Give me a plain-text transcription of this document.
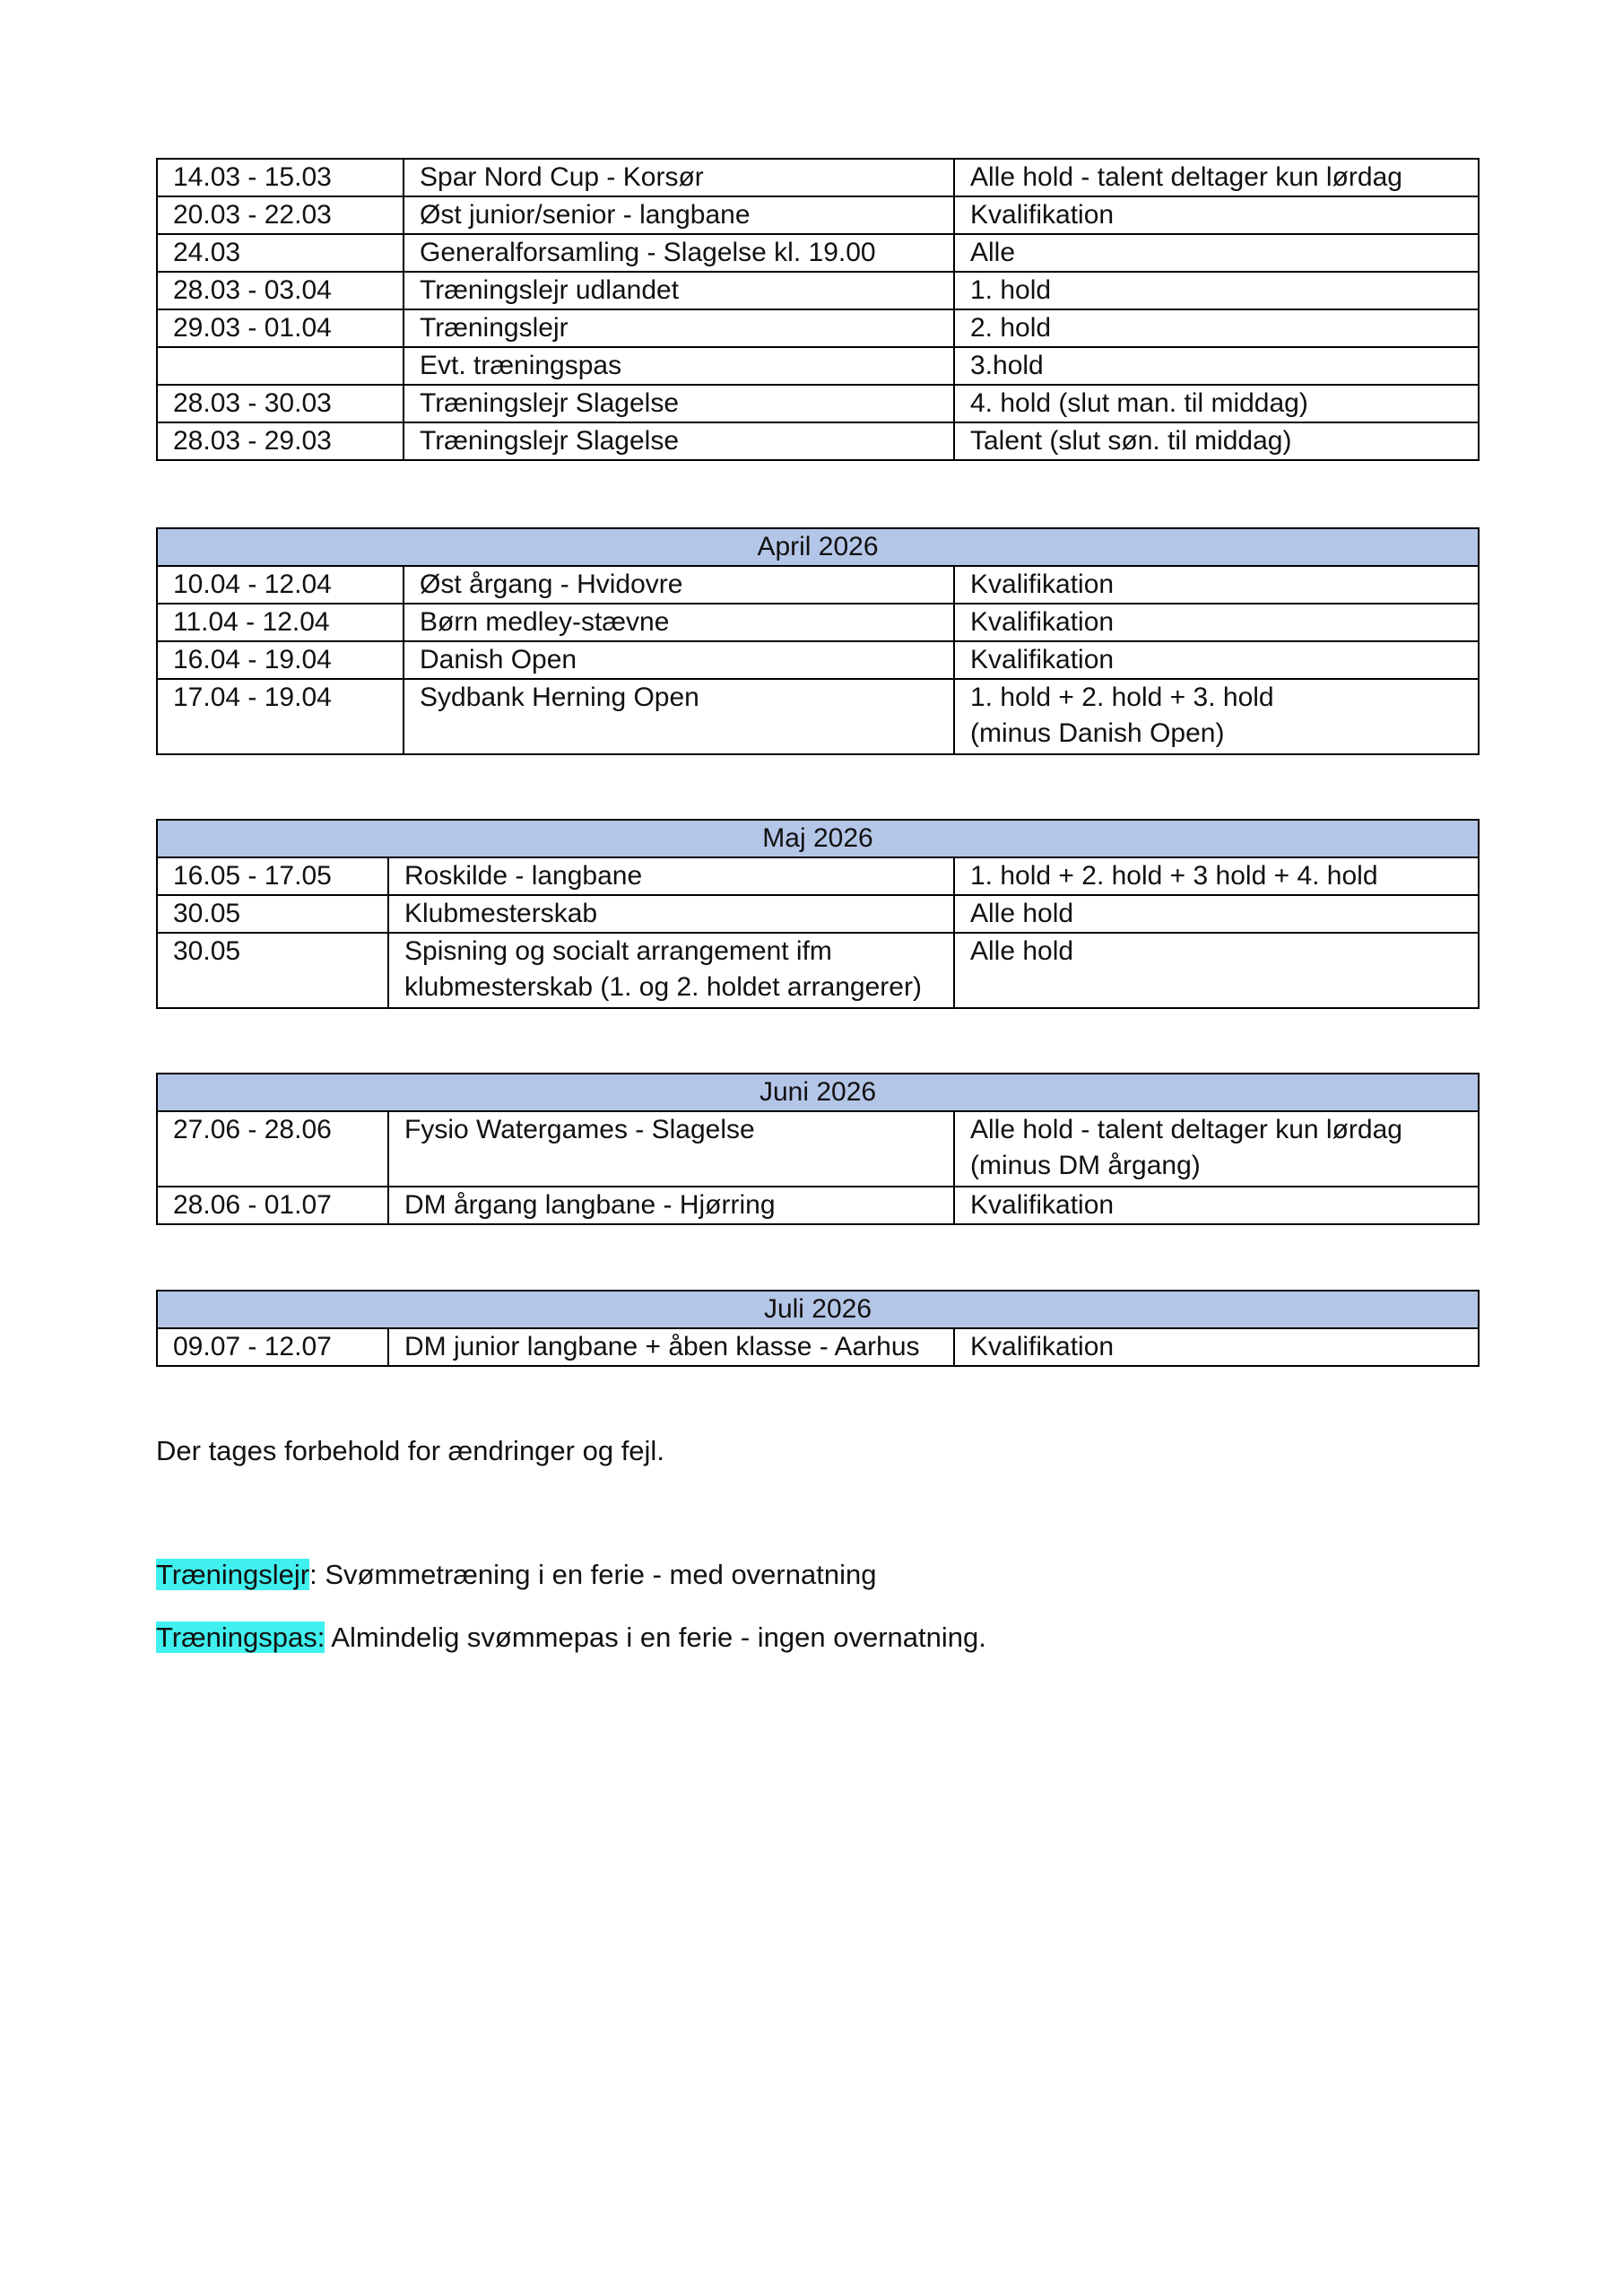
14.03 - 15.03	Spar Nord Cup - Korsør	Alle hold - talent deltager kun lørdag
20.03 - 22.03	Øst junior/senior - langbane	Kvalifikation
24.03	Generalforsamling - Slagelse kl. 19.00	Alle
28.03 - 03.04	Træningslejr udlandet	1. hold
29.03 - 01.04	Træningslejr	2. hold
	Evt. træningspas	3.hold
28.03 - 30.03	Træningslejr Slagelse	4. hold (slut man. til middag)
28.03 - 29.03	Træningslejr Slagelse	Talent (slut søn. til middag)
April 2026		
10.04 - 12.04	Øst årgang - Hvidovre	Kvalifikation
11.04 - 12.04	Børn medley-stævne	Kvalifikation
16.04 - 19.04	Danish Open	Kvalifikation
17.04 - 19.04	Sydbank Herning Open	1. hold + 2. hold + 3. hold
(minus Danish Open)
Maj 2026		
16.05 - 17.05	Roskilde - langbane	1. hold + 2. hold + 3 hold + 4. hold
30.05	Klubmesterskab	Alle hold
30.05	Spisning og socialt arrangement ifm
klubmesterskab (1. og 2. holdet arrangerer)	Alle hold
Juni 2026		
27.06 - 28.06	Fysio Watergames - Slagelse	Alle hold - talent deltager kun lørdag
(minus DM årgang)

28.06 - 01.07	DM årgang langbane - Hjørring	Kvalifikation
Juli 2026
09.07 - 12.07	DM junior langbane + åben klasse - Aarhus	Kvalifikation
Der tages forbehold for ændringer og fejl.
Træningslejr: Svømmetræning i en ferie - med overnatning
Træningspas: Almindelig svømmepas i en ferie - ingen overnatning.
